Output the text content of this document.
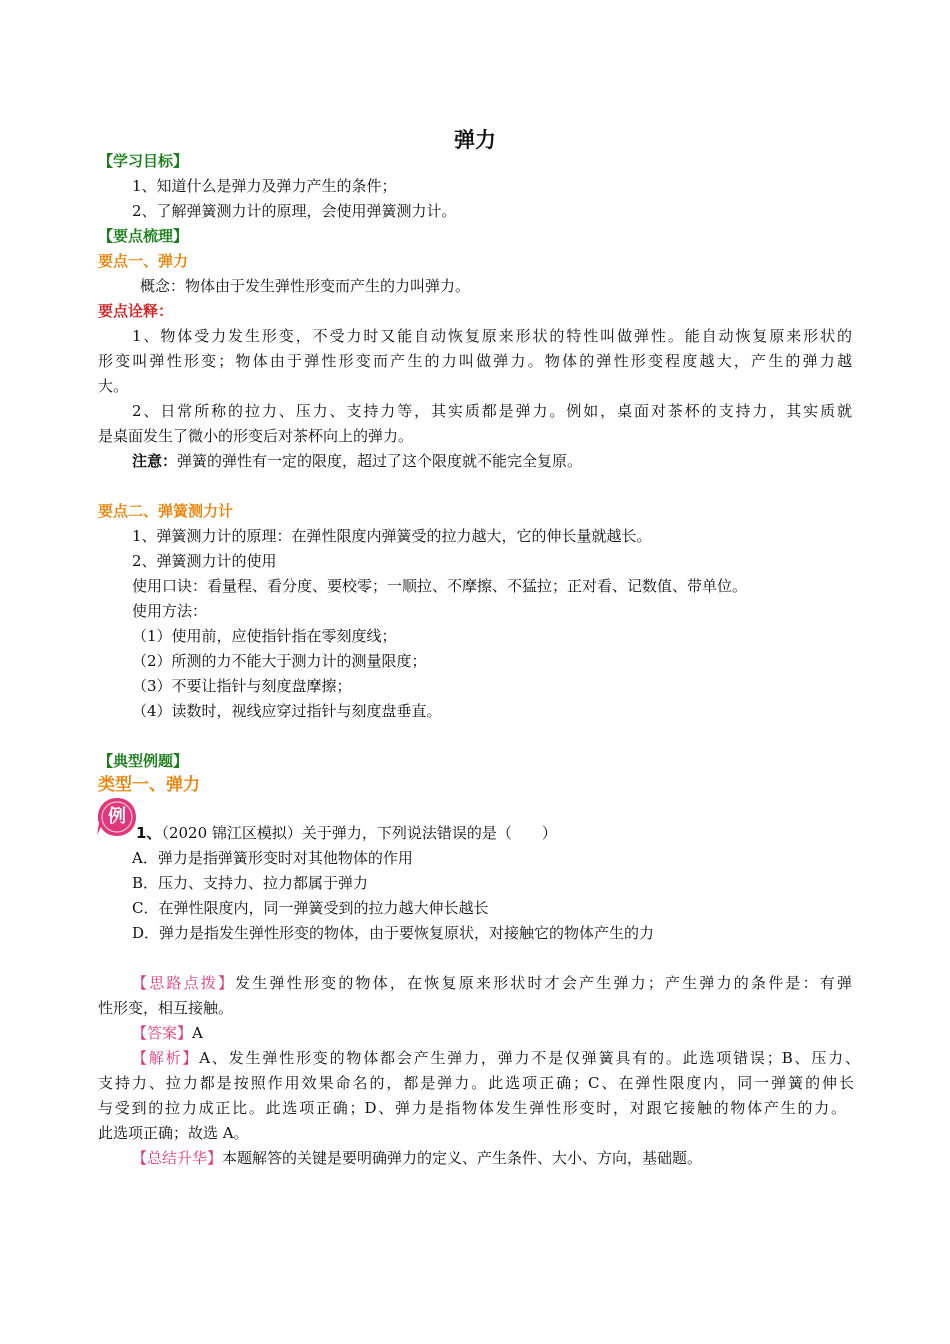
弹力
【学习目标】
1、知道什么是弹力及弹力产生的条件；
2、了解弹簧测力计的原理，会使用弹簧测力计。
【要点梳理】
要点一、弹力
概念：物体由于发生弹性形变而产生的力叫弹力。
要点诠释：
1、物体受力发生形变，不受力时又能自动恢复原来形状的特性叫做弹性。能自动恢复原来形状的
形变叫弹性形变；物体由于弹性形变而产生的力叫做弹力。物体的弹性形变程度越大，产生的弹力越
大。
2、日常所称的拉力、压力、支持力等，其实质都是弹力。例如，桌面对茶杯的支持力，其实质就
是桌面发生了微小的形变后对茶杯向上的弹力。
注意：弹簧的弹性有一定的限度，超过了这个限度就不能完全复原。
要点二、弹簧测力计
1、弹簧测力计的原理：在弹性限度内弹簧受的拉力越大，它的伸长量就越长。
2、弹簧测力计的使用
使用口诀：看量程、看分度、要校零；一顺拉、不摩擦、不猛拉；正对看、记数值、带单位。
使用方法：
（1）使用前，应使指针指在零刻度线；
（2）所测的力不能大于测力计的测量限度；
（3）不要让指针与刻度盘摩擦；
（4）读数时，视线应穿过指针与刻度盘垂直。
【典型例题】
类型一、弹力
例
1、（2020 锦江区模拟）关于弹力，下列说法错误的是（　　）
A．弹力是指弹簧形变时对其他物体的作用
B．压力、支持力、拉力都属于弹力
C．在弹性限度内，同一弹簧受到的拉力越大伸长越长
D．弹力是指发生弹性形变的物体，由于要恢复原状，对接触它的物体产生的力
【思路点拨】发生弹性形变的物体，在恢复原来形状时才会产生弹力；产生弹力的条件是：有弹
性形变，相互接触。
【答案】A
【解析】A、发生弹性形变的物体都会产生弹力，弹力不是仅弹簧具有的。此选项错误；B、压力、
支持力、拉力都是按照作用效果命名的，都是弹力。此选项正确；C、在弹性限度内，同一弹簧的伸长
与受到的拉力成正比。此选项正确；D、弹力是指物体发生弹性形变时，对跟它接触的物体产生的力。
此选项正确；故选 A。
【总结升华】本题解答的关键是要明确弹力的定义、产生条件、大小、方向，基础题。
